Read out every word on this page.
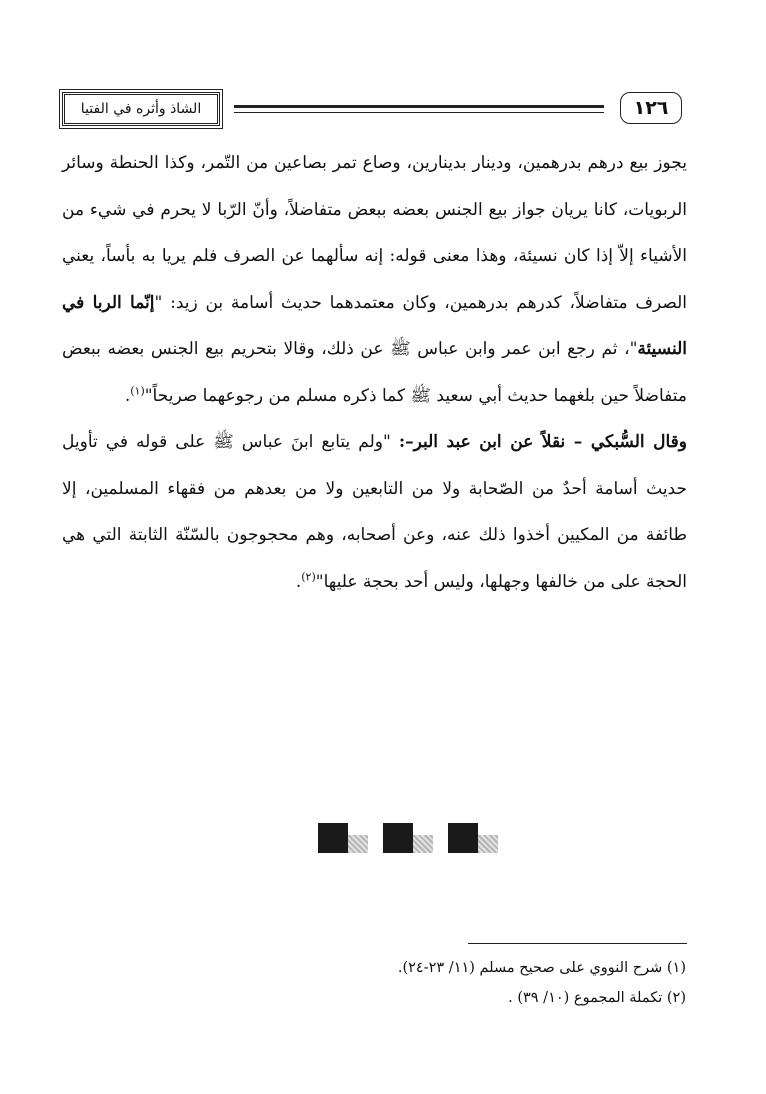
الشاذ وأثره في الفتيا	١٢٦

يجوز بيع درهم بدرهمين، ودينار بدينارين، وصاع تمر بصاعين من التّمر، وكذا الحنطة وسائر الربويات، كانا يريان جواز بيع الجنس بعضه ببعض متفاضلاً، وأنّ الرّبا لا يحرم في شيء من الأشياء إلاّ إذا كان نسيئة، وهذا معنى قوله: إنه سألهما عن الصرف فلم يريا به بأساً، يعني الصرف متفاضلاً، كدرهم بدرهمين، وكان معتمدهما حديث أسامة بن زيد: "إنّما الربا في النسيئة"، ثم رجع ابن عمر وابن عباس ﷺ عن ذلك، وقالا بتحريم بيع الجنس بعضه ببعض متفاضلاً حين بلغهما حديث أبي سعيد ﷺ كما ذكره مسلم من رجوعهما صريحاً"$^{(١)}$.

وقال السُّبكي – نقلاً عن ابن عبد البر–: "ولم يتابع ابنَ عباس ﷺ على قوله في تأويل حديث أسامة أحدٌ من الصّحابة ولا من التابعين ولا من بعدهم من فقهاء المسلمين، إلا طائفة من المكيين أخذوا ذلك عنه، وعن أصحابه، وهم محجوجون بالسّنّة الثابتة التي هي الحجة على من خالفها وجهلها، وليس أحد بحجة عليها"$^{(٢)}$.

(١) شرح النووي على صحيح مسلم (١١/ ٢٣-٢٤).

(٢) تكملة المجموع (١٠/ ٣٩) .
